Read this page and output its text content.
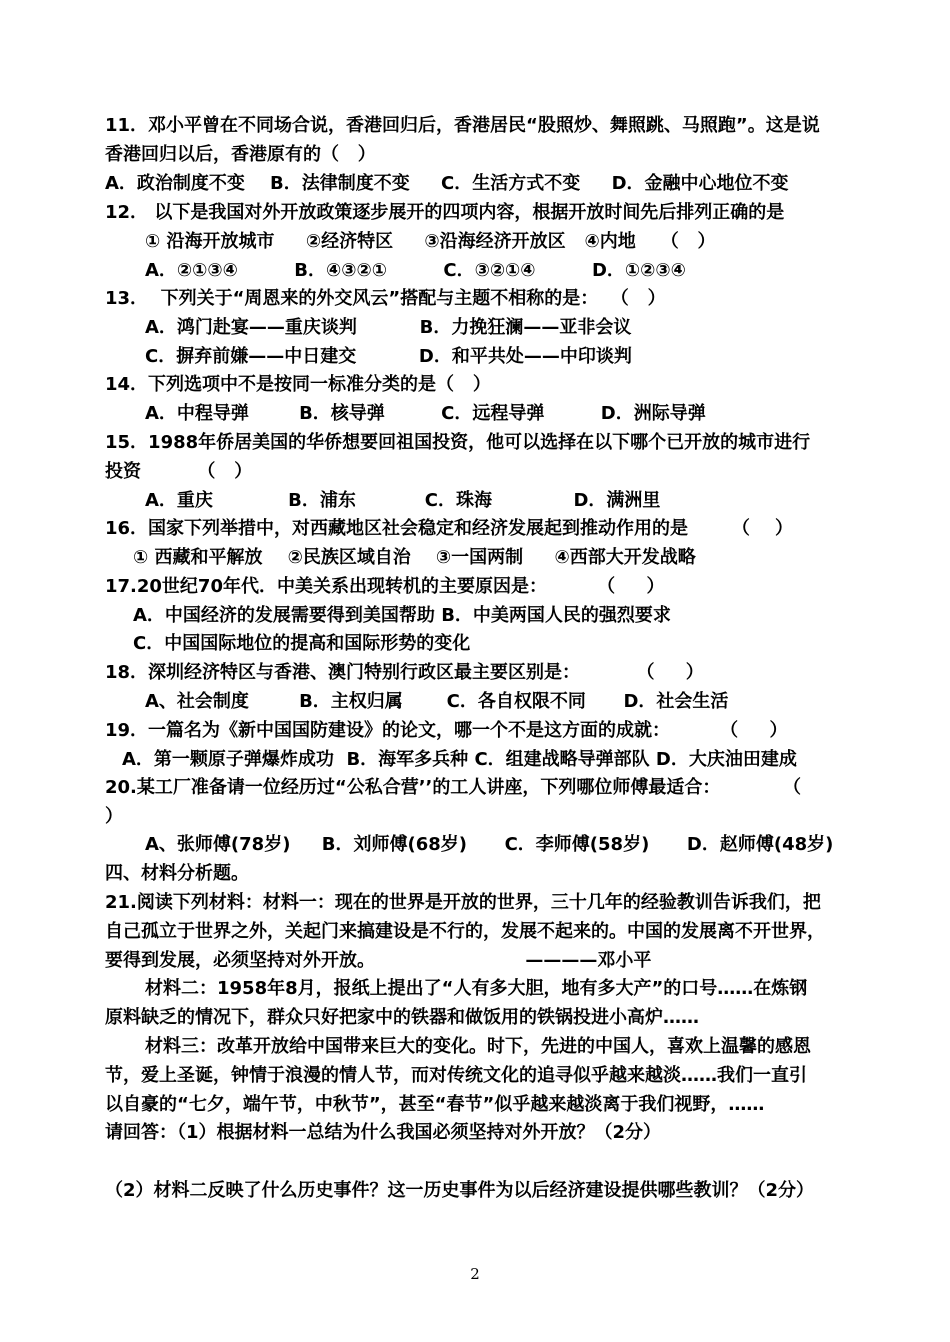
11．邓小平曾在不同场合说，香港回归后，香港居民“股照炒、舞照跳、马照跑”。这是说
香港回归以后，香港原有的（   ）
A．政治制度不变    B．法律制度不变     C．生活方式不变     D．金融中心地位不变
12． 以下是我国对外开放政策逐步展开的四项内容，根据开放时间先后排列正确的是
① 沿海开放城市     ②经济特区     ③沿海经济开放区   ④内地    （   ）
A．②①③④         B．④③②①         C．③②①④         D．①②③④
13．  下列关于“周恩来的外交风云”搭配与主题不相称的是：  （   ）
A．鸿门赴宴——重庆谈判          B．力挽狂澜——亚非会议
C．摒弃前嫌——中日建交          D．和平共处——中印谈判
14．下列选项中不是按同一标准分类的是（   ）
A．中程导弹        B．核导弹         C．远程导弹         D．洲际导弹
15．1988年侨居美国的华侨想要回祖国投资，他可以选择在以下哪个已开放的城市进行
投资         （   ）
A．重庆            B．浦东           C．珠海             D．满洲里
16．国家下列举措中，对西藏地区社会稳定和经济发展起到推动作用的是       （    ）
① 西藏和平解放    ②民族区域自治    ③一国两制     ④西部大开发战略
17.20世纪70年代．中美关系出现转机的主要原因是：        （     ）
A．中国经济的发展需要得到美国帮助 B．中美两国人民的强烈要求
C．中国国际地位的提高和国际形势的变化
18．深圳经济特区与香港、澳门特别行政区最主要区别是：         （     ）
A、社会制度        B．主权归属       C．各自权限不同      D．社会生活
19．一篇名为《新中国国防建设》的论文，哪一个不是这方面的成就：        （     ）
A．第一颗原子弹爆炸成功  B．海军多兵种 C．组建战略导弹部队 D．大庆油田建成
20.某工厂准备请一位经历过“公私合营’’的工人讲座，下列哪位师傅最适合：          （
）
A、张师傅(78岁)     B．刘师傅(68岁)      C．李师傅(58岁)      D．赵师傅(48岁)
四、材料分析题。
21.阅读下列材料：材料一：现在的世界是开放的世界，三十几年的经验教训告诉我们，把
自己孤立于世界之外，关起门来搞建设是不行的，发展不起来的。中国的发展离不开世界，
要得到发展，必须坚持对外开放。                        ————邓小平
材料二：1958年8月，报纸上提出了“人有多大胆，地有多大产”的口号……在炼钢
原料缺乏的情况下，群众只好把家中的铁器和做饭用的铁锅投进小高炉……
材料三：改革开放给中国带来巨大的变化。时下，先进的中国人，喜欢上温馨的感恩
节，爱上圣诞，钟情于浪漫的情人节，而对传统文化的追寻似乎越来越淡……我们一直引
以自豪的“七夕，端午节，中秋节”，甚至“春节”似乎越来越淡离于我们视野，……
请回答：（1）根据材料一总结为什么我国必须坚持对外开放？（2分）
（2）材料二反映了什么历史事件？这一历史事件为以后经济建设提供哪些教训？（2分）
2
